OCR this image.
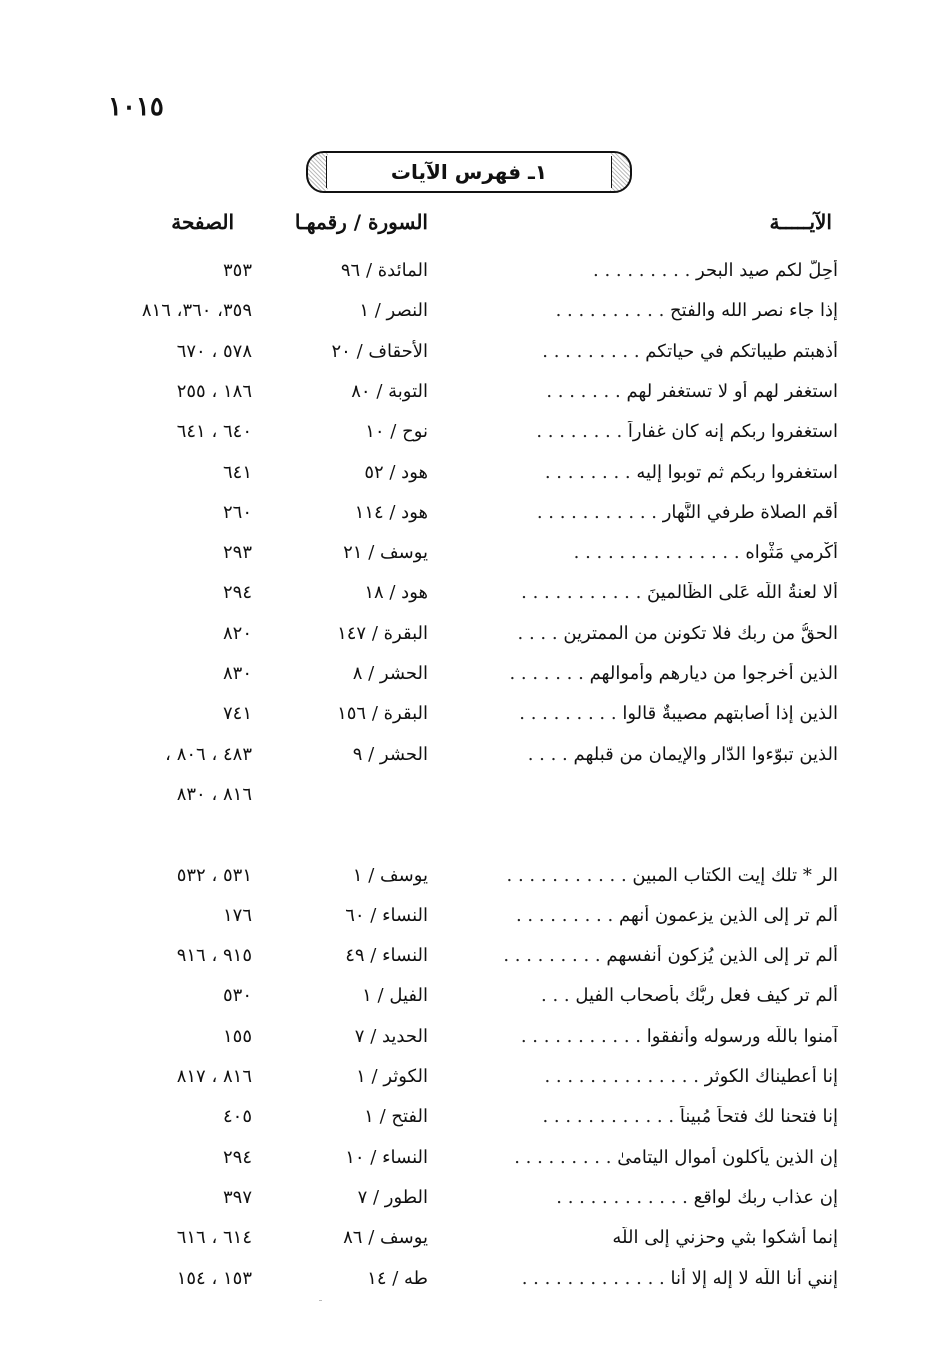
١٠١٥
١ـ فهرس الآيات
الآيـــــة
السورة / رقمهـا
الصفحة
أُحِلَّ لكم صيد البحر . . . . . . . . .
المائدة / ٩٦
٣٥٣
إذا جاء نصر الله والفتح . . . . . . . . . .
النصر / ١
٣٥٩، ٣٦٠، ٨١٦
أذهبتم طيباتكم في حياتكم . . . . . . . . .
الأحقاف / ٢٠
٥٧٨ ، ٦٧٠
استغفر لهم أو لا تستغفر لهم . . . . . . .
التوبة / ٨٠
١٨٦ ، ٢٥٥
استغفروا ربكم إنه كان غفاراً . . . . . . . .
نوح / ١٠
٦٤٠ ، ٦٤١
استغفروا ربكم ثم توبوا إليه . . . . . . . .
هود / ٥٢
٦٤١
أقم الصلاة طرفي النَّهار . . . . . . . . . . .
هود / ١١٤
٢٦٠
أَكْرِمي مَثْواه . . . . . . . . . . . . . . .
يوسف / ٢١
٢٩٣
ألا لعنةُ اللّه عَلى الظّالمينَ . . . . . . . . . . .
هود / ١٨
٢٩٤
الحقُّ من ربك فلا تكونن من الممترين . . . .
البقرة / ١٤٧
٨٢٠
الذين أخرجوا من ديارهم وأموالهم . . . . . . .
الحشر / ٨
٨٣٠
الذين إذا أصابتهم مصيبةٌ قالوا . . . . . . . . .
البقرة / ١٥٦
٧٤١
الذين تبوّءوا الدّار والإيمان من قبلهم . . . .
الحشر / ٩
٤٨٣ ، ٨٠٦ ،
٨١٦ ، ٨٣٠
الر * تلك إيت الكتاب المبين . . . . . . . . . . .
يوسف / ١
٥٣١ ، ٥٣٢
ألم تر إلى الذين يزعمون أنهم . . . . . . . . .
النساء / ٦٠
١٧٦
ألم تر إلى الذين يُزكون أنفسهم . . . . . . . . .
النساء / ٤٩
٩١٥ ، ٩١٦
ألم تر كيف فعل ربُّك بأصحاب الفيل . . .
الفيل / ١
٥٣٠
آمنوا باللّه ورسوله وأنفقوا . . . . . . . . . . .
الحديد / ٧
١٥٥
إنا أعطيناك الكوثر . . . . . . . . . . . . . .
الكوثر / ١
٨١٦ ، ٨١٧
إنا فتحنا لك فتحاً مُبيناً . . . . . . . . . . . .
الفتح / ١
٤٠٥
إن الذين يأكلون أموال اليتامىٰ . . . . . . . . .
النساء / ١٠
٢٩٤
إن عذاب ربك لواقع . . . . . . . . . . . .
الطور / ٧
٣٩٧
إنما أشكوا بثي وحزني إلى اللّه
يوسف / ٨٦
٦١٤ ، ٦١٦
إنني أنا اللّه لا إله إلا أنا . . . . . . . . . . . . .
طه / ١٤
١٥٣ ، ١٥٤
